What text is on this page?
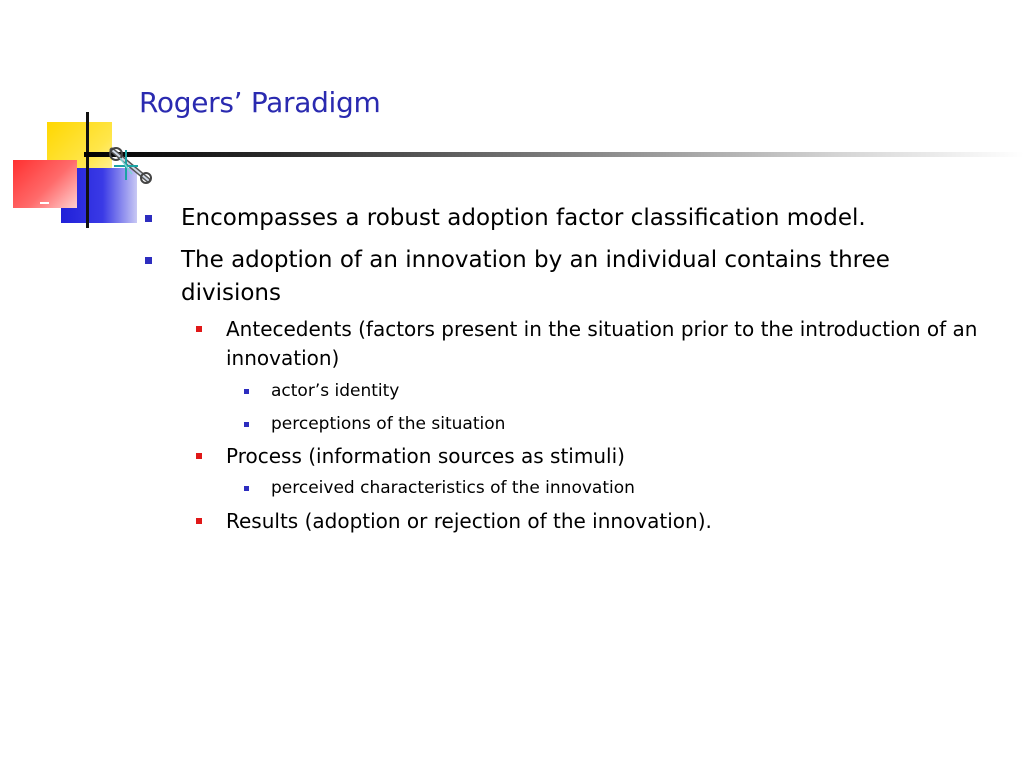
Rogers’ Paradigm
Encompasses a robust adoption factor classification model.
The adoption of an innovation by an individual contains three divisions
Antecedents (factors present in the situation prior to the introduction of an innovation)
actor’s identity
perceptions of the situation
Process (information sources as stimuli)
perceived characteristics of the innovation
Results (adoption or rejection of the innovation).
